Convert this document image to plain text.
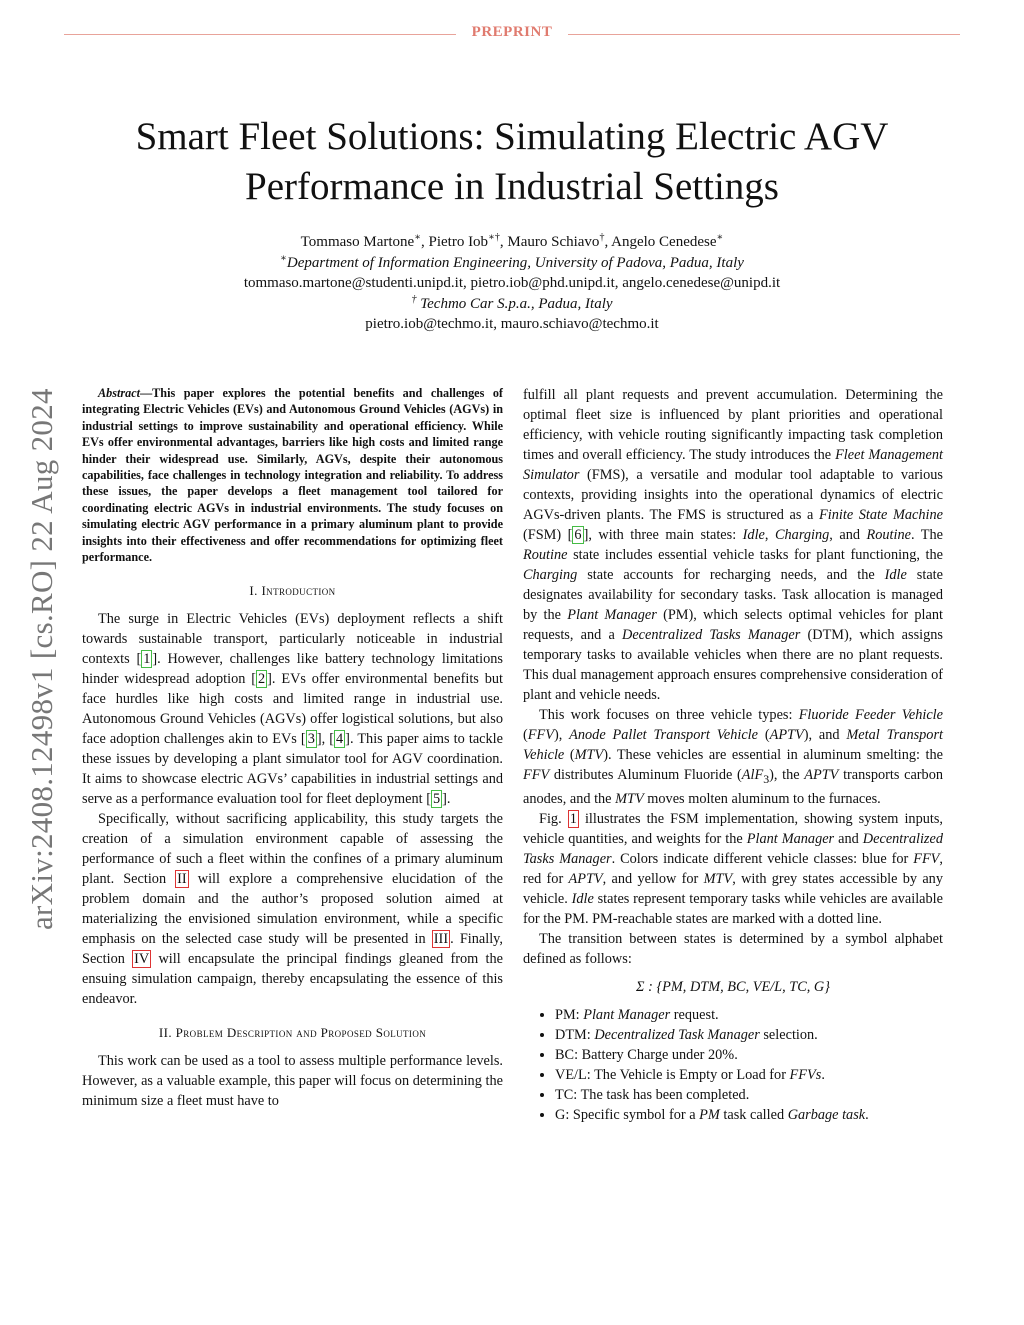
PREPRINT
arXiv:2408.12498v1 [cs.RO] 22 Aug 2024
Smart Fleet Solutions: Simulating Electric AGV
Performance in Industrial Settings
Tommaso Martone∗, Pietro Iob∗†, Mauro Schiavo†, Angelo Cenedese∗
∗Department of Information Engineering, University of Padova, Padua, Italy
tommaso.martone@studenti.unipd.it, pietro.iob@phd.unipd.it, angelo.cenedese@unipd.it
† Techmo Car S.p.a., Padua, Italy
pietro.iob@techmo.it, mauro.schiavo@techmo.it

Abstract—This paper explores the potential benefits and challenges of integrating Electric Vehicles (EVs) and Autonomous Ground Vehicles (AGVs) in industrial settings to improve sustainability and operational efficiency. While EVs offer environmental advantages, barriers like high costs and limited range hinder their widespread use. Similarly, AGVs, despite their autonomous capabilities, face challenges in technology integration and reliability. To address these issues, the paper develops a fleet management tool tailored for coordinating electric AGVs in industrial environments. The study focuses on simulating electric AGV performance in a primary aluminum plant to provide insights into their effectiveness and offer recommendations for optimizing fleet performance.

I. Introduction

The surge in Electric Vehicles (EVs) deployment reflects a shift towards sustainable transport, particularly noticeable in industrial contexts [ 1 ]. However, challenges like battery technology limitations hinder widespread adoption [ 2 ]. EVs offer environmental benefits but face hurdles like high costs and limited range in industrial use. Autonomous Ground Vehicles (AGVs) offer logistical solutions, but also face adoption challenges akin to EVs [ 3 ], [ 4 ]. This paper aims to tackle these issues by developing a plant simulator tool for AGV coordination. It aims to showcase electric AGVs’ capabilities in industrial settings and serve as a performance evaluation tool for fleet deployment [ 5 ].

Specifically, without sacrificing applicability, this study targets the creation of a simulation environment capable of assessing the performance of such a fleet within the confines of a primary aluminum plant. Section II will explore a comprehensive elucidation of the problem domain and the author’s proposed solution aimed at materializing the envisioned simulation environment, while a specific emphasis on the selected case study will be presented in III . Finally, Section IV will encapsulate the principal findings gleaned from the ensuing simulation campaign, thereby encapsulating the essence of this endeavor.

II. Problem Description and Proposed Solution

This work can be used as a tool to assess multiple performance levels. However, as a valuable example, this paper will focus on determining the minimum size a fleet must have to

fulfill all plant requests and prevent accumulation. Determining the optimal fleet size is influenced by plant priorities and operational efficiency, with vehicle routing significantly impacting task completion times and overall efficiency. The study introduces the Fleet Management Simulator (FMS), a versatile and modular tool adaptable to various contexts, providing insights into the operational dynamics of electric AGVs-driven plants. The FMS is structured as a Finite State Machine (FSM) [ 6 ], with three main states: Idle, Charging, and Routine. The Routine state includes essential vehicle tasks for plant functioning, the Charging state accounts for recharging needs, and the Idle state designates availability for secondary tasks. Task allocation is managed by the Plant Manager (PM), which selects optimal vehicles for plant requests, and a Decentralized Tasks Manager (DTM), which assigns temporary tasks to available vehicles when there are no plant requests. This dual management approach ensures comprehensive consideration of plant and vehicle needs.

This work focuses on three vehicle types: Fluoride Feeder Vehicle (FFV), Anode Pallet Transport Vehicle (APTV), and Metal Transport Vehicle (MTV). These vehicles are essential in aluminum smelting: the FFV distributes Aluminum Fluoride (AlF$_3$), the APTV transports carbon anodes, and the MTV moves molten aluminum to the furnaces.

Fig. 1 illustrates the FSM implementation, showing system inputs, vehicle quantities, and weights for the Plant Manager and Decentralized Tasks Manager. Colors indicate different vehicle classes: blue for FFV, red for APTV, and yellow for MTV, with grey states accessible by any vehicle. Idle states represent temporary tasks while vehicles are available for the PM. PM-reachable states are marked with a dotted line.

The transition between states is determined by a symbol alphabet defined as follows:

Σ : {PM, DTM, BC, VE/L, TC, G}
• PM: Plant Manager request.
• DTM: Decentralized Task Manager selection.
• BC: Battery Charge under 20%.
• VE/L: The Vehicle is Empty or Load for FFVs.
• TC: The task has been completed.
• G: Specific symbol for a PM task called Garbage task.
